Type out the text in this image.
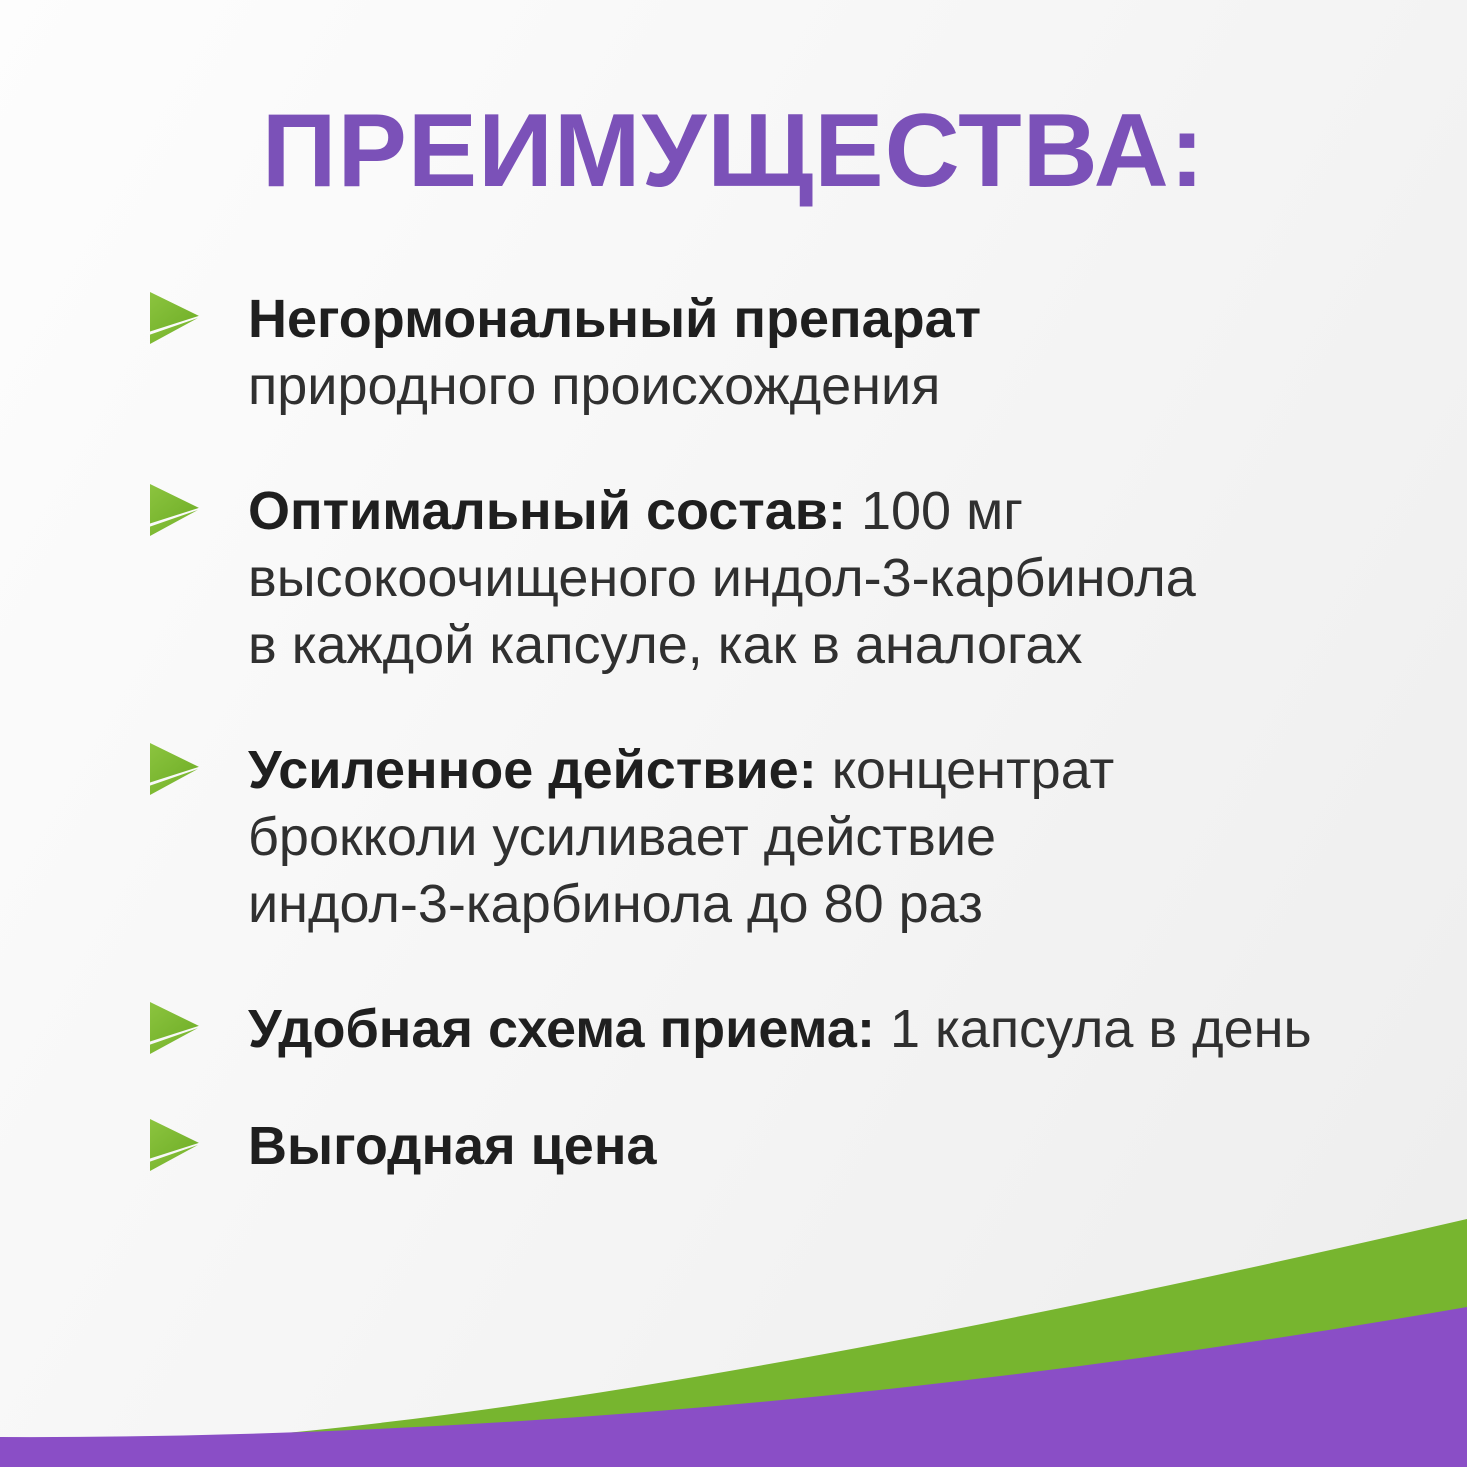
ПРЕИМУЩЕСТВА:
Негормональный препарат
природного происхождения
Оптимальный состав: 100 мг
высокоочищеного индол-3-карбинола
в каждой капсуле, как в аналогах
Усиленное действие: концентрат
брокколи усиливает действие
индол-3-карбинола до 80 раз
Удобная схема приема: 1 капсула в день
Выгодная цена
